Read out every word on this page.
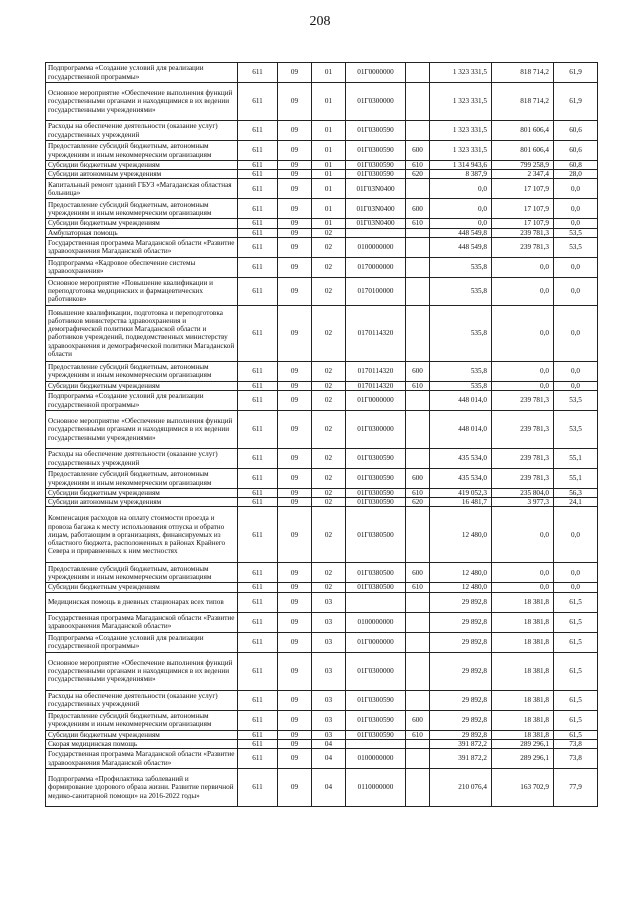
208
Подпрограмма «Создание условий для реализации государственной программы»	611	09	01	01Г0000000		1 323 331,5	818 714,2	61,9
Основное мероприятие «Обеспечение выполнения функций государственными органами и находящимися в их ведении государственными учреждениями»	611	09	01	01Г0300000		1 323 331,5	818 714,2	61,9
Расходы на обеспечение деятельности (оказание услуг) государственных учреждений	611	09	01	01Г0300590		1 323 331,5	801 606,4	60,6
Предоставление субсидий бюджетным, автономным учреждениям и иным некоммерческим организациям	611	09	01	01Г0300590	600	1 323 331,5	801 606,4	60,6
Субсидии бюджетным учреждениям	611	09	01	01Г0300590	610	1 314 943,6	799 258,9	60,8
Субсидии автономным учреждениям	611	09	01	01Г0300590	620	8 387,9	2 347,4	28,0
Капитальный ремонт зданий ГБУЗ «Магаданская областная больница»	611	09	01	01Г03N0400		0,0	17 107,9	0,0
Предоставление субсидий бюджетным, автономным учреждениям и иным некоммерческим организациям	611	09	01	01Г03N0400	600	0,0	17 107,9	0,0
Субсидии бюджетным учреждениям	611	09	01	01Г03N0400	610	0,0	17 107,9	0,0
Амбулаторная помощь	611	09	02			448 549,8	239 781,3	53,5
Государственная программа Магаданской области «Развитие здравоохранения Магаданской области»	611	09	02	0100000000		448 549,8	239 781,3	53,5
Подпрограмма «Кадровое обеспечение системы здравоохранения»	611	09	02	0170000000		535,8	0,0	0,0
Основное мероприятие «Повышение квалификации и переподготовка медицинских и фармацевтических работников»	611	09	02	0170100000		535,8	0,0	0,0
Повышение квалификации, подготовка и переподготовка работников министерства здравоохранения и демографической политики Магаданской области и работников учреждений, подведомственных министерству здравоохранения и демографической политики Магаданской области	611	09	02	0170114320		535,8	0,0	0,0
Предоставление субсидий бюджетным, автономным учреждениям и иным некоммерческим организациям	611	09	02	0170114320	600	535,8	0,0	0,0
Субсидии бюджетным учреждениям	611	09	02	0170114320	610	535,8	0,0	0,0
Подпрограмма «Создание условий для реализации государственной программы»	611	09	02	01Г0000000		448 014,0	239 781,3	53,5
Основное мероприятие «Обеспечение выполнения функций государственными органами и находящимися в их ведении государственными учреждениями»	611	09	02	01Г0300000		448 014,0	239 781,3	53,5
Расходы на обеспечение деятельности (оказание услуг) государственных учреждений	611	09	02	01Г0300590		435 534,0	239 781,3	55,1
Предоставление субсидий бюджетным, автономным учреждениям и иным некоммерческим организациям	611	09	02	01Г0300590	600	435 534,0	239 781,3	55,1
Субсидии бюджетным учреждениям	611	09	02	01Г0300590	610	419 052,3	235 804,0	56,3
Субсидии автономным учреждениям	611	09	02	01Г0300590	620	16 481,7	3 977,3	24,1
Компенсация расходов на оплату стоимости проезда и провоза багажа к месту использования отпуска и обратно лицам, работающим в организациях, финансируемых из областного бюджета, расположенных в районах Крайнего Севера и приравненных к ним местностях	611	09	02	01Г0380500		12 480,0	0,0	0,0
Предоставление субсидий бюджетным, автономным учреждениям и иным некоммерческим организациям	611	09	02	01Г0380500	600	12 480,0	0,0	0,0
Субсидии бюджетным учреждениям	611	09	02	01Г0380500	610	12 480,0	0,0	0,0
Медицинская помощь в дневных стационарах всех типов	611	09	03			29 892,8	18 381,8	61,5
Государственная программа Магаданской области «Развитие здравоохранения Магаданской области»	611	09	03	0100000000		29 892,8	18 381,8	61,5
Подпрограмма «Создание условий для реализации государственной программы»	611	09	03	01Г0000000		29 892,8	18 381,8	61,5
Основное мероприятие «Обеспечение выполнения функций государственными органами и находящимися в их ведении государственными учреждениями»	611	09	03	01Г0300000		29 892,8	18 381,8	61,5
Расходы на обеспечение деятельности (оказание услуг) государственных учреждений	611	09	03	01Г0300590		29 892,8	18 381,8	61,5
Предоставление субсидий бюджетным, автономным учреждениям и иным некоммерческим организациям	611	09	03	01Г0300590	600	29 892,8	18 381,8	61,5
Субсидии бюджетным учреждениям	611	09	03	01Г0300590	610	29 892,8	18 381,8	61,5
Скорая медицинская помощь	611	09	04			391 872,2	289 296,1	73,8
Государственная программа Магаданской области «Развитие здравоохранения Магаданской области»	611	09	04	0100000000		391 872,2	289 296,1	73,8
Подпрограмма «Профилактика заболеваний и формирование здорового образа жизни. Развитие первичной медико-санитарной помощи» на 2016-2022 годы»	611	09	04	0110000000		210 076,4	163 702,9	77,9
